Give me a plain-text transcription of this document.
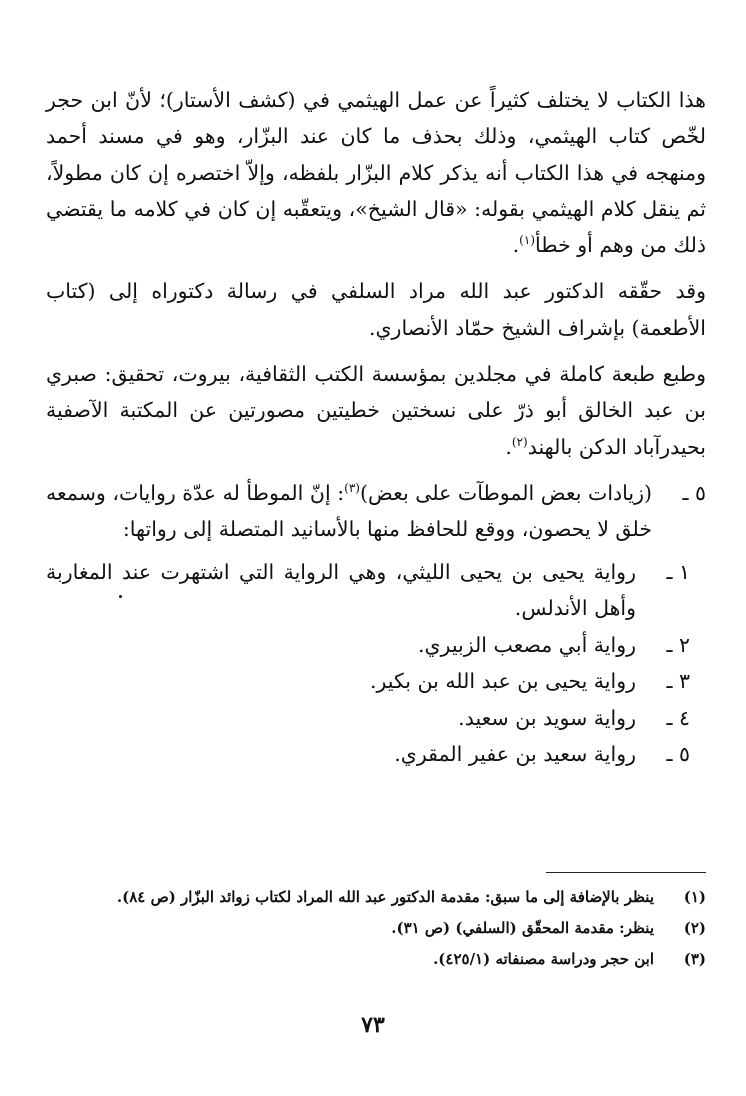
هذا الكتاب لا يختلف كثيراً عن عمل الهيثمي في (كشف الأستار)؛ لأنّ ابن حجر لخّص كتاب الهيثمي، وذلك بحذف ما كان عند البزّار، وهو في مسند أحمد ومنهجه في هذا الكتاب أنه يذكر كلام البزّار بلفظه، وإلاّ اختصره إن كان مطولاً، ثم ينقل كلام الهيثمي بقوله: «قال الشيخ»، ويتعقّبه إن كان في كلامه ما يقتضي ذلك من وهم أو خطأ$^{(١)}$.

وقد حقّقه الدكتور عبد الله مراد السلفي في رسالة دكتوراه إلى (كتاب الأطعمة) بإشراف الشيخ حمّاد الأنصاري.

وطبع طبعة كاملة في مجلدين بمؤسسة الكتب الثقافية، بيروت، تحقيق: صبري بن عبد الخالق أبو ذرّ على نسختين خطيتين مصورتين عن المكتبة الآصفية بحيدرآباد الدكن بالهند$^{(٢)}$.

٥ ـ
(زيادات بعض الموطآت على بعض)$^{(٣)}$: إنّ الموطأ له عدّة روايات، وسمعه خلق لا يحصون، ووقع للحافظ منها بالأسانيد المتصلة إلى رواتها:
١ ـ
رواية يحيى بن يحيى الليثي، وهي الرواية التي اشتهرت عند المغاربة وأهل الأندلس.
٢ ـ
رواية أبي مصعب الزبيري.
٣ ـ
رواية يحيى بن عبد الله بن بكير.
٤ ـ
رواية سويد بن سعيد.
٥ ـ
رواية سعيد بن عفير المقري.
(١)
ينظر بالإضافة إلى ما سبق: مقدمة الدكتور عبد الله المراد لكتاب زوائد البزّار (ص ٨٤).
(٢)
ينظر: مقدمة المحقّق (السلفي) (ص ٣١).
(٣)
ابن حجر ودراسة مصنفاته (٤٢٥/١).
٧٣
